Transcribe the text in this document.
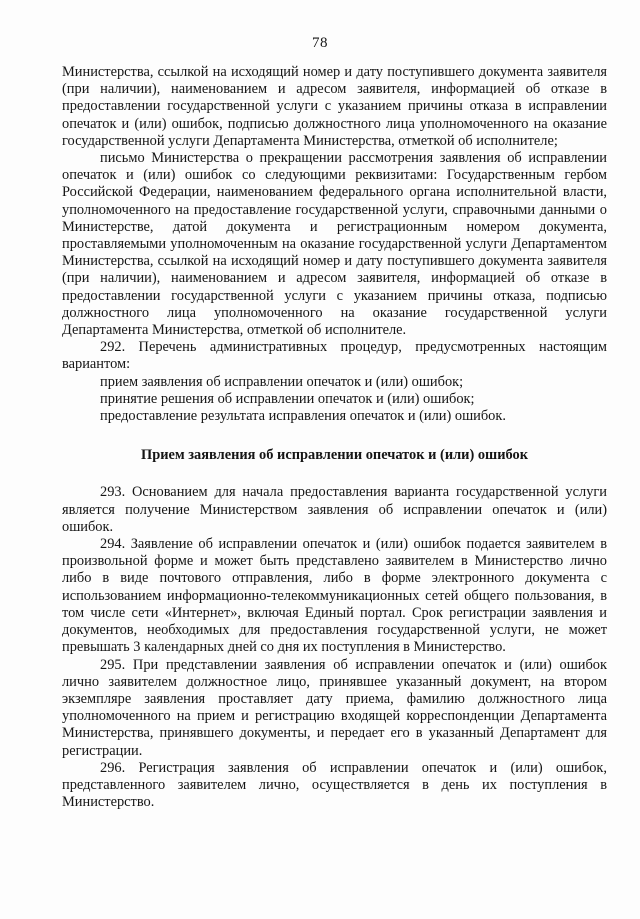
78

Министерства, ссылкой на исходящий номер и дату поступившего документа заявителя (при наличии), наименованием и адресом заявителя, информацией об отказе в предоставлении государственной услуги с указанием причины отказа в исправлении опечаток и (или) ошибок, подписью должностного лица уполномоченного на оказание государственной услуги Департамента Министерства, отметкой об исполнителе;

письмо Министерства о прекращении рассмотрения заявления об исправлении опечаток и (или) ошибок со следующими реквизитами: Государственным гербом Российской Федерации, наименованием федерального органа исполнительной власти, уполномоченного на предоставление государственной услуги, справочными данными о Министерстве, датой документа и регистрационным номером документа, проставляемыми уполномоченным на оказание государственной услуги Департаментом Министерства, ссылкой на исходящий номер и дату поступившего документа заявителя (при наличии), наименованием и адресом заявителя, информацией об отказе в предоставлении государственной услуги с указанием причины отказа, подписью должностного лица уполномоченного на оказание государственной услуги Департамента Министерства, отметкой об исполнителе.

292. Перечень административных процедур, предусмотренных настоящим вариантом:

прием заявления об исправлении опечаток и (или) ошибок;
принятие решения об исправлении опечаток и (или) ошибок;
предоставление результата исправления опечаток и (или) ошибок.
Прием заявления об исправлении опечаток и (или) ошибок

293. Основанием для начала предоставления варианта государственной услуги является получение Министерством заявления об исправлении опечаток и (или) ошибок.

294. Заявление об исправлении опечаток и (или) ошибок подается заявителем в произвольной форме и может быть представлено заявителем в Министерство лично либо в виде почтового отправления, либо в форме электронного документа с использованием информационно-телекоммуникационных сетей общего пользования, в том числе сети «Интернет», включая Единый портал. Срок регистрации заявления и документов, необходимых для предоставления государственной услуги, не может превышать 3 календарных дней со дня их поступления в Министерство.

295. При представлении заявления об исправлении опечаток и (или) ошибок лично заявителем должностное лицо, принявшее указанный документ, на втором экземпляре заявления проставляет дату приема, фамилию должностного лица уполномоченного на прием и регистрацию входящей корреспонденции Департамента Министерства, принявшего документы, и передает его в указанный Департамент для регистрации.

296. Регистрация заявления об исправлении опечаток и (или) ошибок, представленного заявителем лично, осуществляется в день их поступления в Министерство.
